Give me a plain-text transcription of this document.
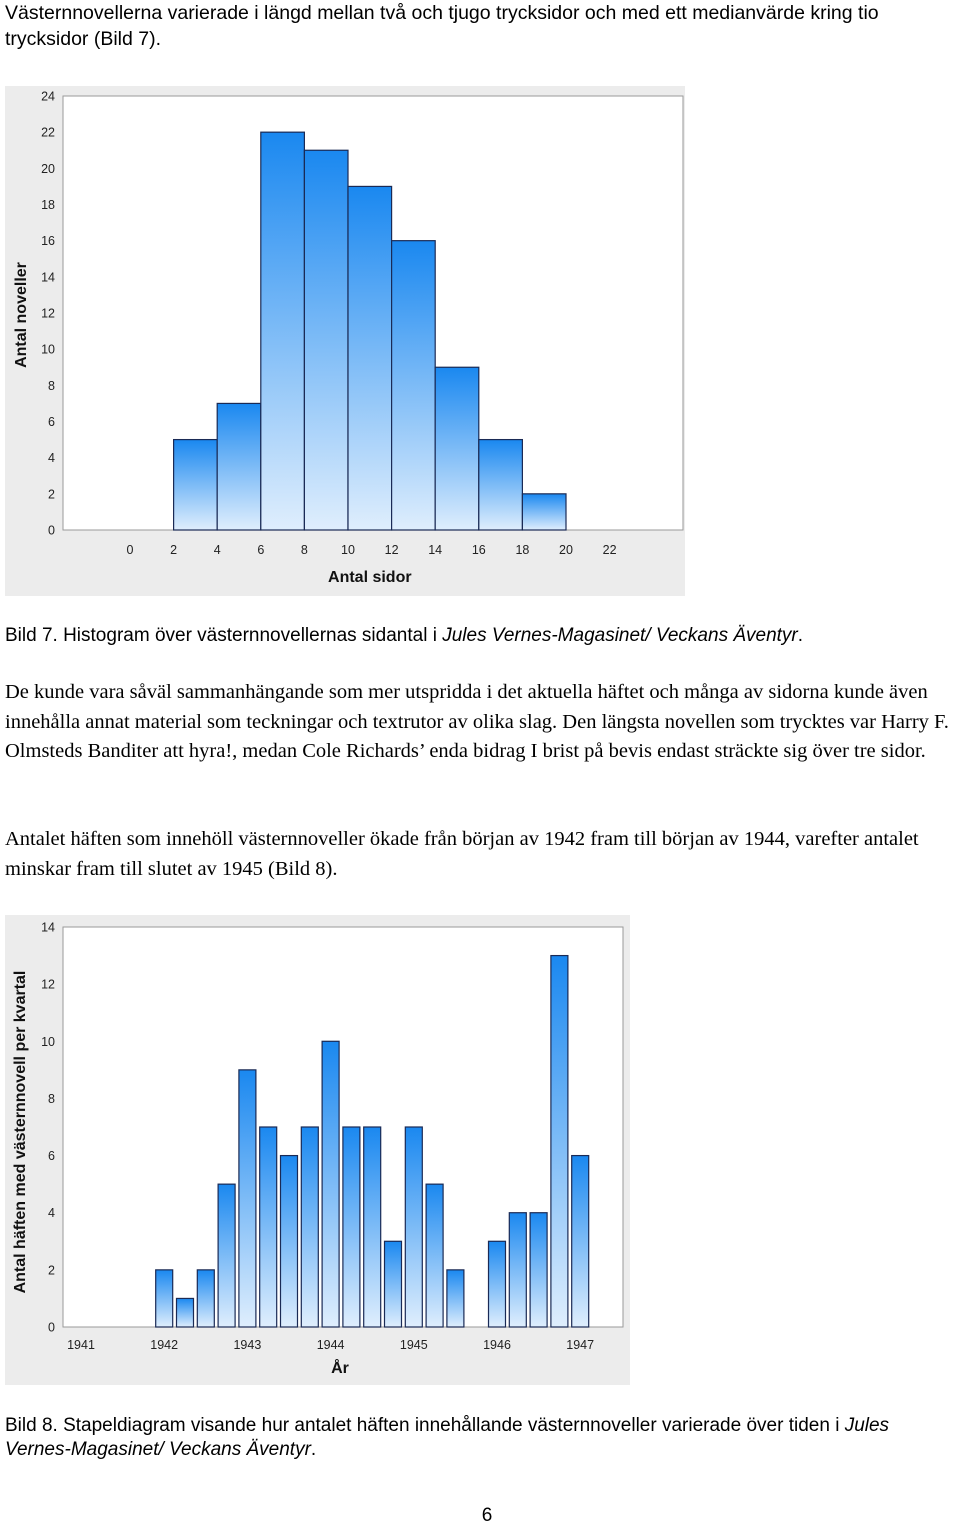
Västernnovellerna varierade i längd mellan två och tjugo trycksidor och med ett medianvärde kring tio trycksidor (Bild 7).
0
2
4
6
8
10
12
14
16
18
20
22
24
0	2	4	6	8	10 12 14 16 18 20 22
Antal sidor
Antal noveller
Bild 7. Histogram över västernnovellernas sidantal i Jules Vernes-Magasinet/ Veckans Äventyr.
De kunde vara såväl sammanhängande som mer utspridda i det aktuella häftet och många av sidorna kunde även innehålla annat material som teckningar och textrutor av olika slag. Den längsta novellen som trycktes var Harry F. Olmsteds Banditer att hyra!, medan Cole Richards’ enda bidrag I brist på bevis endast sträckte sig över tre sidor.
Antalet häften som innehöll västernnoveller ökade från början av 1942 fram till början av 1944, varefter antalet minskar fram till slutet av 1945 (Bild 8).
0
2
4
6
8
10
12
14
1941	1942	1943	1944	1945	1946	1947
År
Antal häften med västernnovell per kvartal
Bild 8. Stapeldiagram visande hur antalet häften innehållande västernnoveller varierade över tiden i Jules Vernes-Magasinet/ Veckans Äventyr.
6
